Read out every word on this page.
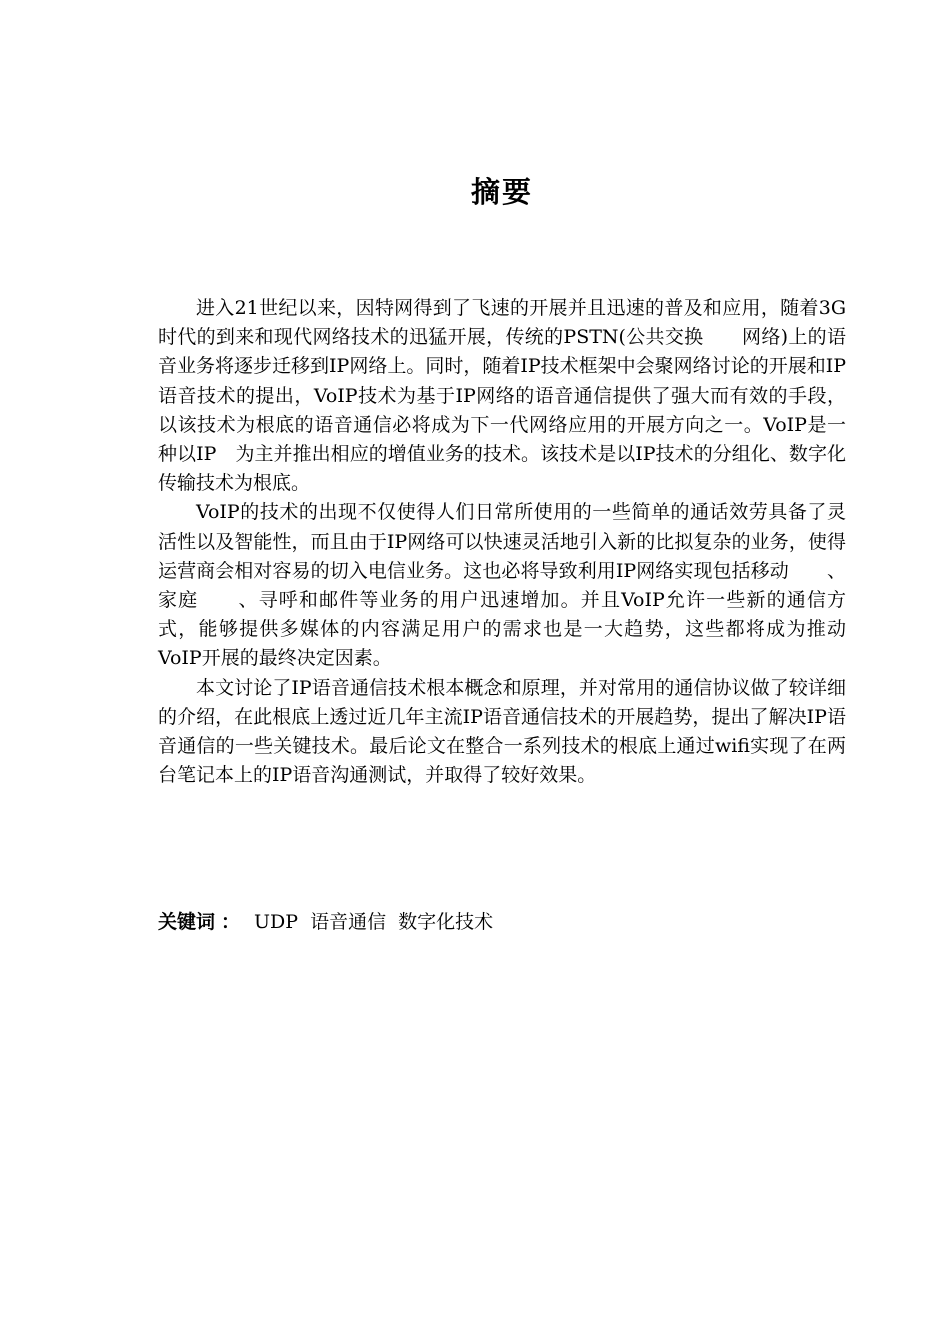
摘要

进入21世纪以来，因特网得到了飞速的开展并且迅速的普及和应用，随着3G时代的到来和现代网络技术的迅猛开展，传统的PSTN(公共交换　　网络)上的语音业务将逐步迁移到IP网络上。同时，随着IP技术框架中会聚网络讨论的开展和IP语音技术的提出，VoIP技术为基于IP网络的语音通信提供了强大而有效的手段，以该技术为根底的语音通信必将成为下一代网络应用的开展方向之一。VoIP是一种以IP　为主并推出相应的增值业务的技术。该技术是以IP技术的分组化、数字化传输技术为根底。

VoIP的技术的出现不仅使得人们日常所使用的一些简单的通话效劳具备了灵活性以及智能性，而且由于IP网络可以快速灵活地引入新的比拟复杂的业务，使得运营商会相对容易的切入电信业务。这也必将导致利用IP网络实现包括移动　　、家庭　　、寻呼和邮件等业务的用户迅速增加。并且VoIP允许一些新的通信方式，能够提供多媒体的内容满足用户的需求也是一大趋势，这些都将成为推动VoIP开展的最终决定因素。

本文讨论了IP语音通信技术根本概念和原理，并对常用的通信协议做了较详细的介绍，在此根底上透过近几年主流IP语音通信技术的开展趋势，提出了解决IP语音通信的一些关键技术。最后论文在整合一系列技术的根底上通过wifi实现了在两台笔记本上的IP语音沟通测试，并取得了较好效果。

关键词 ： UDP 语音通信 数字化技术
